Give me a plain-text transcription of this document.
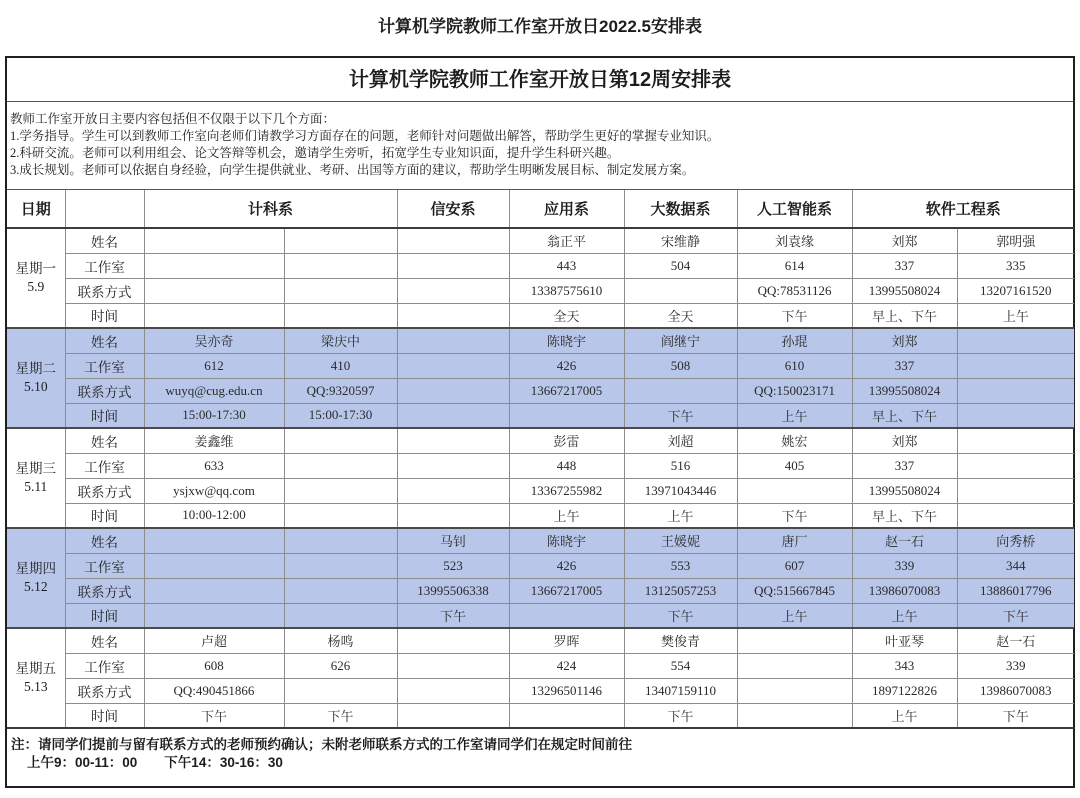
计算机学院教师工作室开放日2022.5安排表
计算机学院教师工作室开放日第12周安排表
教师工作室开放日主要内容包括但不仅限于以下几个方面：
1.学务指导。学生可以到教师工作室向老师们请教学习方面存在的问题，老师针对问题做出解答，帮助学生更好的掌握专业知识。
2.科研交流。老师可以利用组会、论文答辩等机会，邀请学生旁听，拓宽学生专业知识面，提升学生科研兴趣。
3.成长规划。老师可以依据自身经验，向学生提供就业、考研、出国等方面的建议，帮助学生明晰发展目标、制定发展方案。
日期		计科系		信安系	应用系	大数据系	人工智能系	软件工程系	

星期一
5.9	姓名				翁正平	宋维静	刘袁缘	刘郑	郭明强
	工作室				443	504	614	337	335
	联系方式				13387575610		QQ:78531126	13995508024	13207161520
	时间				全天	全天	下午	早上、下午	上午

星期二
5.10	姓名	吴亦奇	梁庆中		陈晓宇	阎继宁	孙琨	刘郑	
	工作室	612	410		426	508	610	337	
	联系方式	wuyq@cug.edu.cn	QQ:9320597		13667217005		QQ:150023171	13995508024	
	时间	15:00-17:30	15:00-17:30			下午	上午	早上、下午	

星期三
5.11	姓名	姜鑫维			彭雷	刘超	姚宏	刘郑	
	工作室	633			448	516	405	337	
	联系方式	ysjxw@qq.com			13367255982	13971043446		13995508024	
	时间	10:00-12:00			上午	上午	下午	早上、下午	

星期四
5.12	姓名			马钊	陈晓宇	王媛妮	唐厂	赵一石	向秀桥
	工作室			523	426	553	607	339	344
	联系方式			13995506338	13667217005	13125057253	QQ:515667845	13986070083	13886017796
	时间			下午		下午	上午	上午	下午

星期五
5.13	姓名	卢超	杨鸣		罗晖	樊俊青		叶亚琴	赵一石
	工作室	608	626		424	554		343	339
	联系方式	QQ:490451866			13296501146	13407159110		1897122826	13986070083
	时间	下午	下午			下午		上午	下午
注：请同学们提前与留有联系方式的老师预约确认；未附老师联系方式的工作室请同学们在规定时间前往
上午9：00-11：00　　下午14：30-16：30
